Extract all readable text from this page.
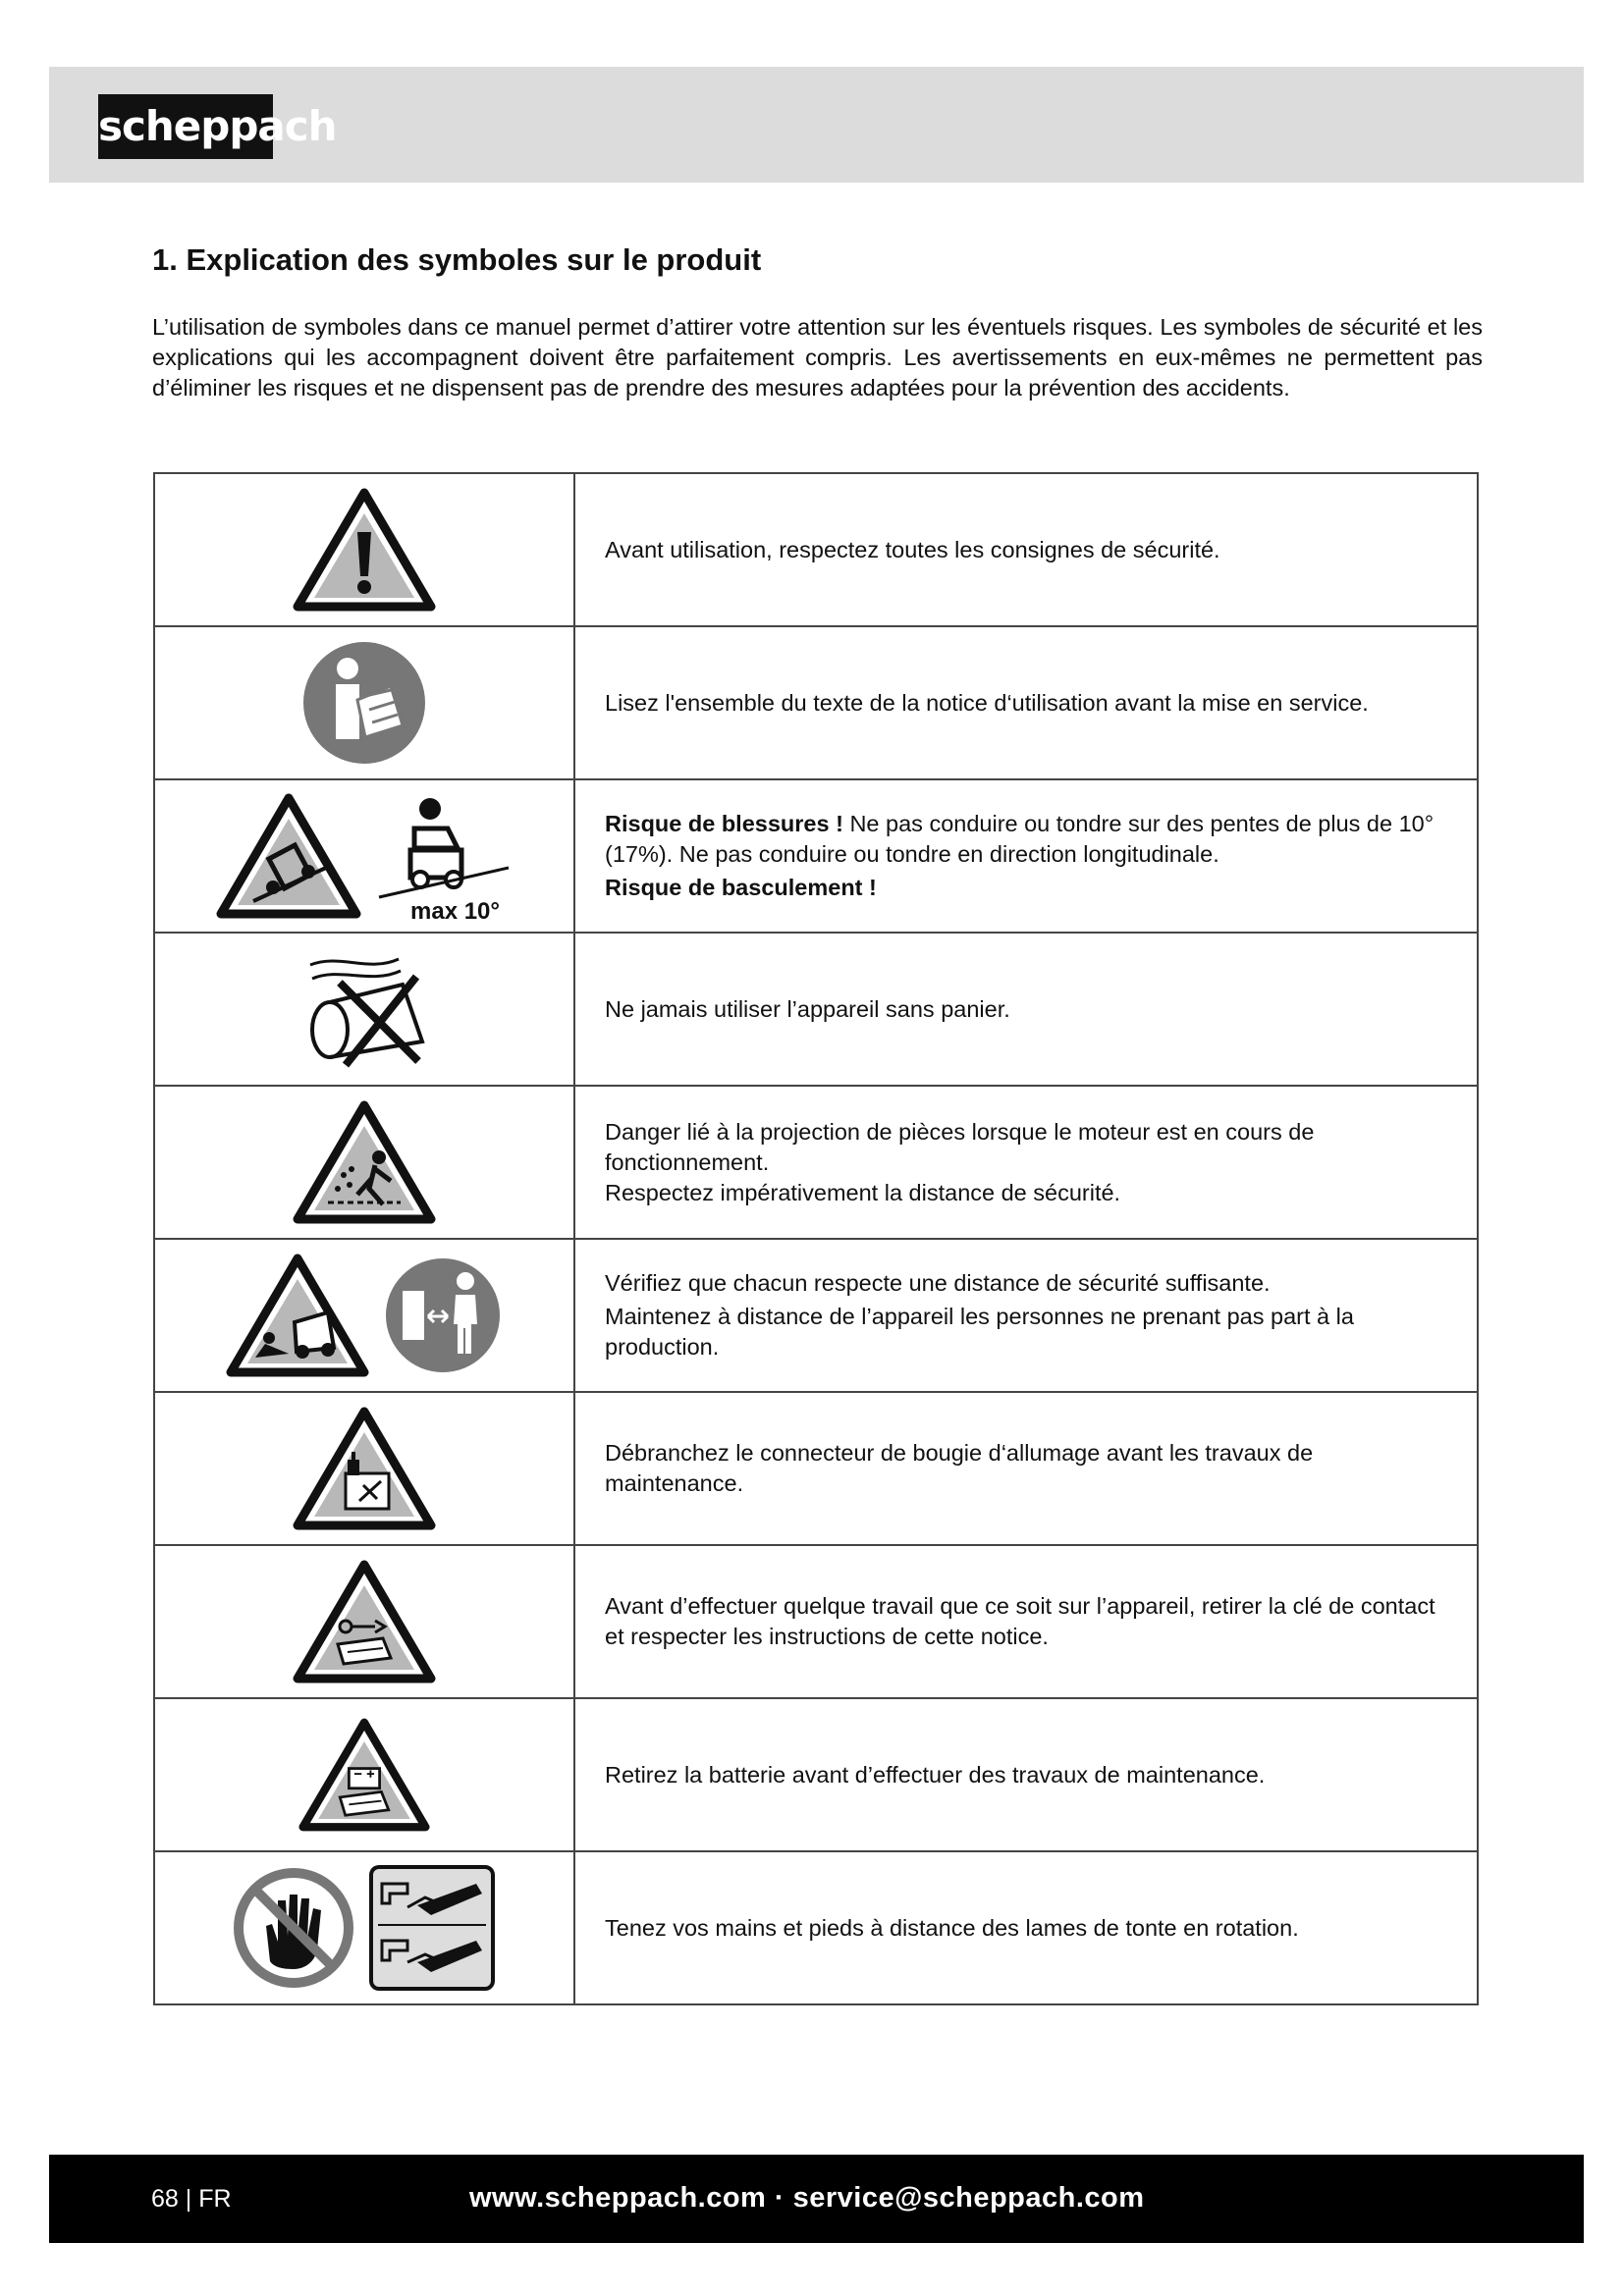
scheppach
1. Explication des symboles sur le produit

L’utilisation de symboles dans ce manuel permet d’attirer votre attention sur les éventuels risques. Les symboles de sécurité et les explications qui les accompagnent doivent être parfaitement compris. Les avertissements en eux-mêmes ne permettent pas d’éliminer les risques et ne dispensent pas de prendre des mesures adaptées pour la prévention des accidents.

Avant utilisation, respectez toutes les consignes de sécurité.

Lisez l'ensemble du texte de la notice d‘utilisation avant la mise en service.

max 10°	Risque de blessures ! Ne pas conduire ou tondre sur des pentes de plus de 10° (17%). Ne pas conduire ou tondre en direction longitudinale.

Risque de basculement !

Ne jamais utiliser l’appareil sans panier.

Danger lié à la projection de pièces lorsque le moteur est en cours de fonctionnement.

Respectez impérativement la distance de sécurité.

Vérifiez que chacun respecte une distance de sécurité suffisante.

Maintenez à distance de l’appareil les personnes ne prenant pas part à la production.

Débranchez le connecteur de bougie d‘allumage avant les travaux de maintenance.

Avant d’effectuer quelque travail que ce soit sur l’appareil, retirer la clé de contact et respecter les instructions de cette notice.

Retirez la batterie avant d’effectuer des travaux de maintenance.

Tenez vos mains et pieds à distance des lames de tonte en rotation.

68 | FR	www.scheppach.com · service@scheppach.com
